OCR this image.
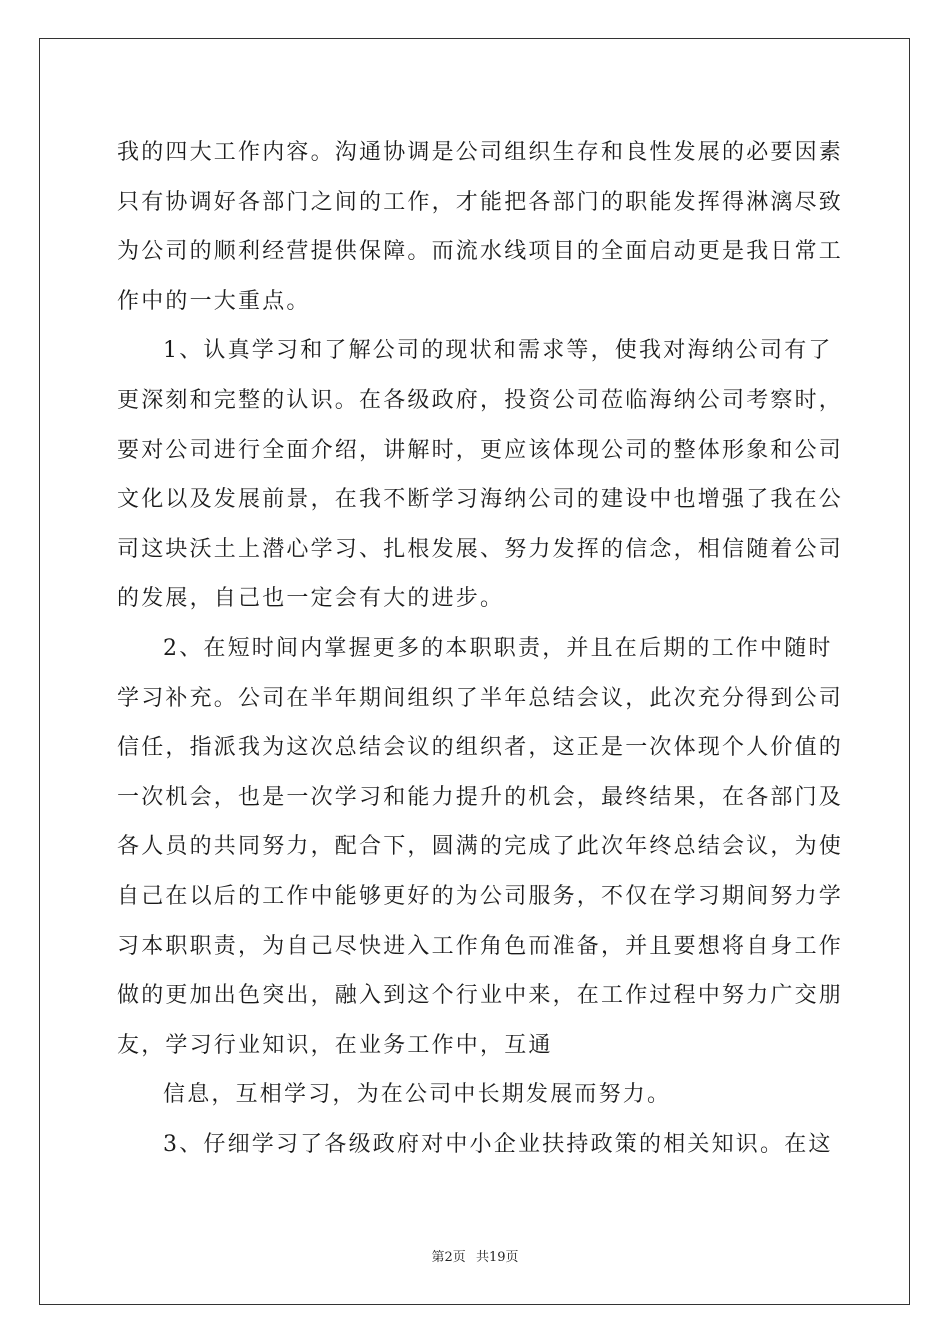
我的四大工作内容。沟通协调是公司组织生存和良性发展的必要因素
只有协调好各部门之间的工作，才能把各部门的职能发挥得淋漓尽致
为公司的顺利经营提供保障。而流水线项目的全面启动更是我日常工
作中的一大重点。
1、认真学习和了解公司的现状和需求等，使我对海纳公司有了
更深刻和完整的认识。在各级政府，投资公司莅临海纳公司考察时，
要对公司进行全面介绍，讲解时，更应该体现公司的整体形象和公司
文化以及发展前景，在我不断学习海纳公司的建设中也增强了我在公
司这块沃土上潜心学习、扎根发展、努力发挥的信念，相信随着公司
的发展，自己也一定会有大的进步。
2、在短时间内掌握更多的本职职责，并且在后期的工作中随时
学习补充。公司在半年期间组织了半年总结会议，此次充分得到公司
信任，指派我为这次总结会议的组织者，这正是一次体现个人价值的
一次机会，也是一次学习和能力提升的机会，最终结果，在各部门及
各人员的共同努力，配合下，圆满的完成了此次年终总结会议，为使
自己在以后的工作中能够更好的为公司服务，不仅在学习期间努力学
习本职职责，为自己尽快进入工作角色而准备，并且要想将自身工作
做的更加出色突出，融入到这个行业中来，在工作过程中努力广交朋
友，学习行业知识，在业务工作中，互通
信息，互相学习，为在公司中长期发展而努力。
3、仔细学习了各级政府对中小企业扶持政策的相关知识。在这
第2页 共19页
